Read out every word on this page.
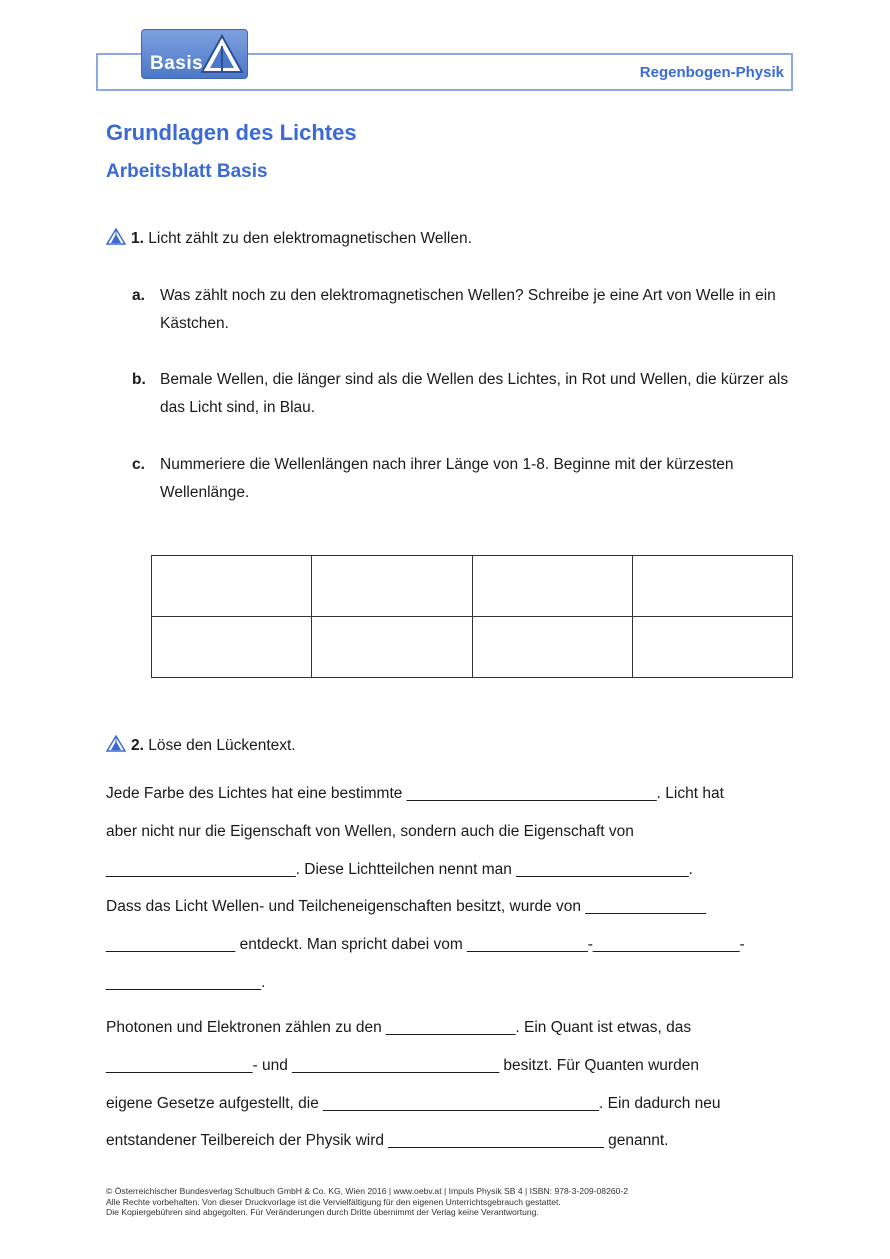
Basis	Regenbogen-Physik
Grundlagen des Lichtes
Arbeitsblatt Basis
1. Licht zählt zu den elektromagnetischen Wellen.
a. Was zählt noch zu den elektromagnetischen Wellen? Schreibe je eine Art von Welle in ein Kästchen.
b. Bemale Wellen, die länger sind als die Wellen des Lichtes, in Rot und Wellen, die kürzer als das Licht sind, in Blau.
c. Nummeriere die Wellenlängen nach ihrer Länge von 1-8. Beginne mit der kürzesten Wellenlänge.

2. Löse den Lückentext.
Jede Farbe des Lichtes hat eine bestimmte _____________________________. Licht hat
aber nicht nur die Eigenschaft von Wellen, sondern auch die Eigenschaft von
______________________. Diese Lichtteilchen nennt man ____________________.
Dass das Licht Wellen- und Teilcheneigenschaften besitzt, wurde von ______________
_______________ entdeckt. Man spricht dabei vom ______________-_________________-
__________________.
Photonen und Elektronen zählen zu den _______________. Ein Quant ist etwas, das
_________________- und ________________________ besitzt. Für Quanten wurden
eigene Gesetze aufgestellt, die ________________________________. Ein dadurch neu
entstandener Teilbereich der Physik wird _________________________ genannt.
© Österreichischer Bundesverlag Schulbuch GmbH & Co. KG, Wien 2016 | www.oebv.at | Impuls Physik SB 4 | ISBN: 978-3-209-08260-2
Alle Rechte vorbehalten. Von dieser Druckvorlage ist die Vervielfältigung für den eigenen Unterrichtsgebrauch gestattet.
Die Kopiergebühren sind abgegolten. Für Veränderungen durch Dritte übernimmt der Verlag keine Verantwortung.
